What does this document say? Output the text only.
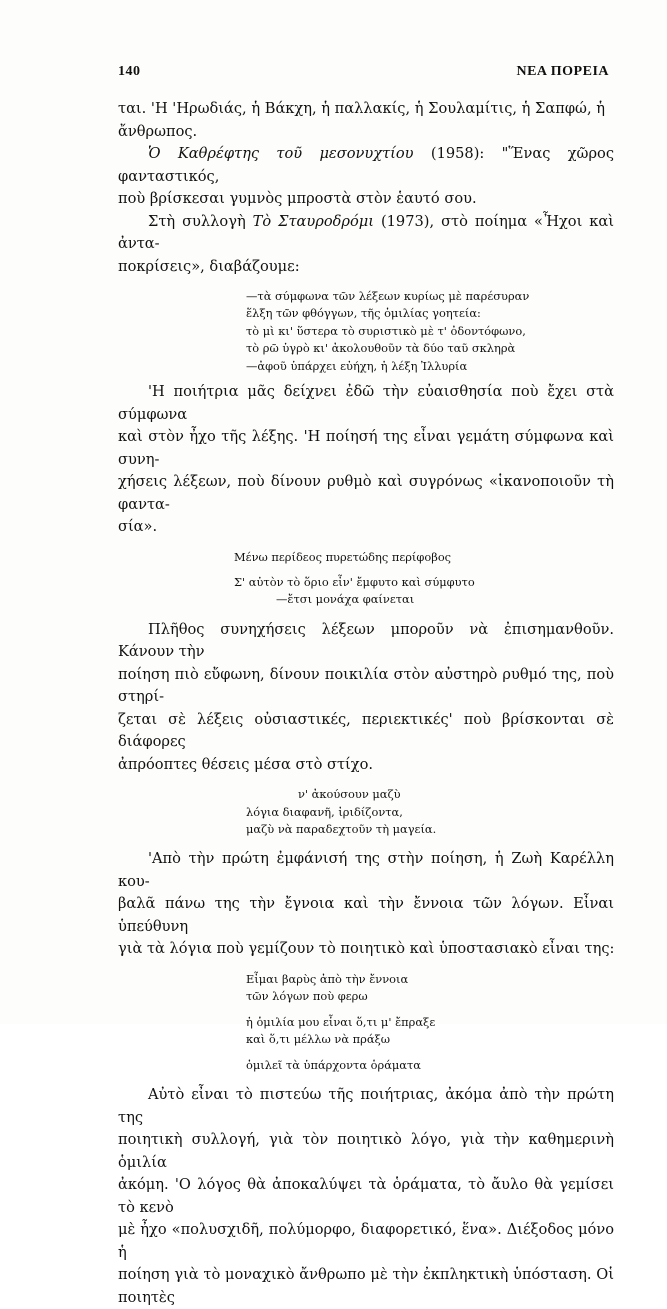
140	ΝΕΑ ΠΟΡΕΙΑ

ται. 'Η 'Ηρωδιάς, ἡ Βάκχη, ἡ παλλακίς, ἡ Σουλαμίτις, ἡ Σαπφώ, ἡ
ἄνθρωπος.

Ὁ Καθρέφτης τοῦ μεσονυχτίου (1958): "Ἕνας χῶρος φανταστικός,
ποὺ βρίσκεσαι γυμνὸς μπροστὰ στὸν ἑαυτό σου.

Στὴ συλλογὴ Τὸ Σταυροδρόμι (1973), στὸ ποίημα «Ἦχοι καὶ ἀντα-
ποκρίσεις», διαβάζουμε:

—τὰ σύμφωνα τῶν λέξεων κυρίως μὲ παρέσυραν
ἕλξη τῶν φθόγγων, τῆς ὁμιλίας γοητεία:
τὸ μὶ κι' ὕστερα τὸ συριστικὸ μὲ τ' ὀδοντόφωνο,
τὸ ρῶ ὑγρὸ κι' ἀκολουθοῦν τὰ δύο ταῦ σκληρὰ
—ἀφοῦ ὑπάρχει εὐήχη, ἡ λέξη Ἰλλυρία

'Η ποιήτρια μᾶς δείχνει ἐδῶ τὴν εὐαισθησία ποὺ ἔχει στὰ σύμφωνα
καὶ στὸν ἦχο τῆς λέξης. 'Η ποίησή της εἶναι γεμάτη σύμφωνα καὶ συνη-
χήσεις λέξεων, ποὺ δίνουν ρυθμὸ καὶ συγρόνως «ἱκανοποιοῦν τὴ φαντα-
σία».

Μένω περίδεος πυρετώδης περίφοβος
Σ' αὐτὸν τὸ ὅριο εἶν' ἔμφυτο καὶ σύμφυτο
—ἔτσι μονάχα φαίνεται

Πλῆθος συνηχήσεις λέξεων μποροῦν νὰ ἐπισημανθοῦν. Κάνουν τὴν
ποίηση πιὸ εὔφωνη, δίνουν ποικιλία στὸν αὐστηρὸ ρυθμό της, ποὺ στηρί-
ζεται σὲ λέξεις οὐσιαστικές, περιεκτικές' ποὺ βρίσκονται σὲ διάφορες
ἀπρόοπτες θέσεις μέσα στὸ στίχο.

ν' ἀκούσουν μαζὺ
λόγια διαφανῆ, ἰριδίζοντα,
μαζὺ νὰ παραδεχτοῦν τὴ μαγεία.

'Απὸ τὴν πρώτη ἐμφάνισή της στὴν ποίηση, ἡ Ζωὴ Καρέλλη κου-
βαλᾶ πάνω της τὴν ἔγνοια καὶ τὴν ἔννοια τῶν λόγων. Εἶναι ὑπεύθυνη
γιὰ τὰ λόγια ποὺ γεμίζουν τὸ ποιητικὸ καὶ ὑποστασιακὸ εἶναι της:

Εἶμαι βαρὺς ἀπὸ τὴν ἔννοια
τῶν λόγων ποὺ φερω
ἡ ὁμιλία μου εἶναι ὅ,τι μ' ἔπραξε
καὶ ὅ,τι μέλλω νὰ πράξω
ὁμιλεῖ τὰ ὑπάρχοντα ὁράματα

Αὐτὸ εἶναι τὸ πιστεύω τῆς ποιήτριας, ἀκόμα ἀπὸ τὴν πρώτη της
ποιητικὴ συλλογή, γιὰ τὸν ποιητικὸ λόγο, γιὰ τὴν καθημερινὴ ὁμιλία
ἀκόμη. 'Ο λόγος θὰ ἀποκαλύψει τὰ ὁράματα, τὸ ἄυλο θὰ γεμίσει τὸ κενὸ
μὲ ἦχο «πολυσχιδῆ, πολύμορφο, διαφορετικό, ἕνα». Διέξοδος μόνο ἡ
ποίηση γιὰ τὸ μοναχικὸ ἄνθρωπο μὲ τὴν ἐκπληκτικὴ ὑπόσταση. Οἱ ποιητὲς
